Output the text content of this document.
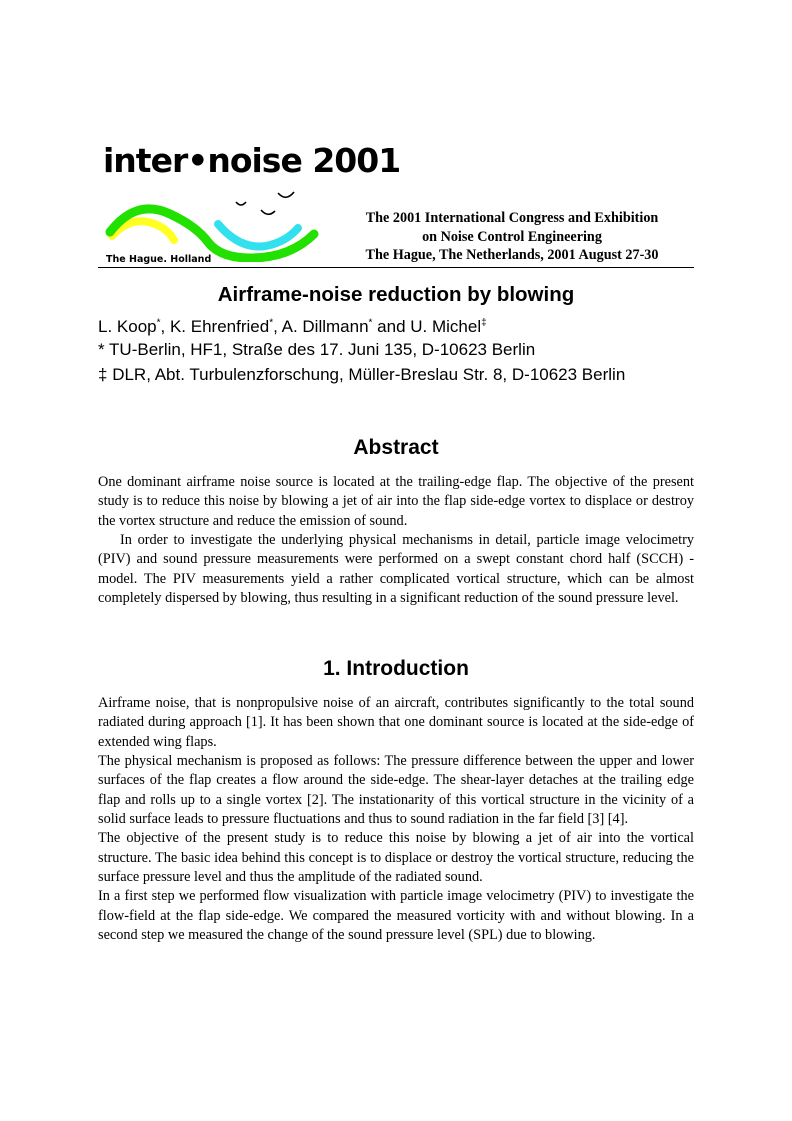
inter•noise 2001
The Hague. Holland
The 2001 International Congress and Exhibition
on Noise Control Engineering
The Hague, The Netherlands, 2001 August 27-30
Airframe-noise reduction by blowing
L. Koop*, K. Ehrenfried*, A. Dillmann* and U. Michel‡
* TU-Berlin, HF1, Straße des 17. Juni 135, D-10623 Berlin
‡ DLR, Abt. Turbulenzforschung, Müller-Breslau Str. 8, D-10623 Berlin
Abstract

One dominant airframe noise source is located at the trailing-edge flap. The objective of the present study is to reduce this noise by blowing a jet of air into the flap side-edge vortex to displace or destroy the vortex structure and reduce the emission of sound.

In order to investigate the underlying physical mechanisms in detail, particle image velocimetry (PIV) and sound pressure measurements were performed on a swept constant chord half (SCCH) -model. The PIV measurements yield a rather complicated vortical structure, which can be almost completely dispersed by blowing, thus resulting in a significant reduction of the sound pressure level.

1. Introduction

Airframe noise, that is nonpropulsive noise of an aircraft, contributes significantly to the total sound radiated during approach [1]. It has been shown that one dominant source is located at the side-edge of extended wing flaps.

The physical mechanism is proposed as follows: The pressure difference between the upper and lower surfaces of the flap creates a flow around the side-edge. The shear-layer detaches at the trailing edge flap and rolls up to a single vortex [2]. The instationarity of this vortical structure in the vicinity of a solid surface leads to pressure fluctuations and thus to sound radiation in the far field [3] [4].

The objective of the present study is to reduce this noise by blowing a jet of air into the vortical structure. The basic idea behind this concept is to displace or destroy the vortical structure, reducing the surface pressure level and thus the amplitude of the radiated sound.

In a first step we performed flow visualization with particle image velocimetry (PIV) to investigate the flow-field at the flap side-edge. We compared the measured vorticity with and without blowing. In a second step we measured the change of the sound pressure level (SPL) due to blowing.
